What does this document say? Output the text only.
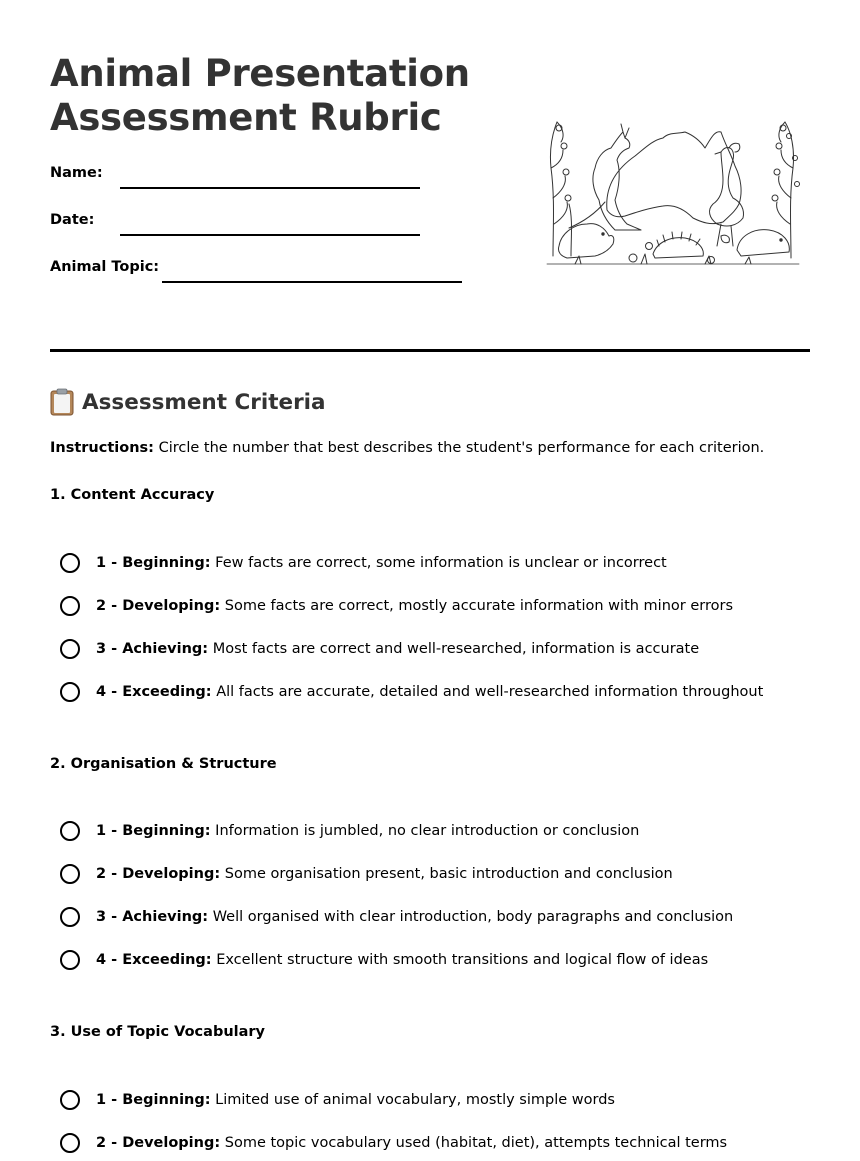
Animal Presentation
Assessment Rubric
Name:
Date:
Animal Topic:
Assessment Criteria
Instructions: Circle the number that best describes the student's performance for each criterion.
1. Content Accuracy
1 - Beginning: Few facts are correct, some information is unclear or incorrect
2 - Developing: Some facts are correct, mostly accurate information with minor errors
3 - Achieving: Most facts are correct and well-researched, information is accurate
4 - Exceeding: All facts are accurate, detailed and well-researched information throughout
2. Organisation & Structure
1 - Beginning: Information is jumbled, no clear introduction or conclusion
2 - Developing: Some organisation present, basic introduction and conclusion
3 - Achieving: Well organised with clear introduction, body paragraphs and conclusion
4 - Exceeding: Excellent structure with smooth transitions and logical flow of ideas
3. Use of Topic Vocabulary
1 - Beginning: Limited use of animal vocabulary, mostly simple words
2 - Developing: Some topic vocabulary used (habitat, diet), attempts technical terms
